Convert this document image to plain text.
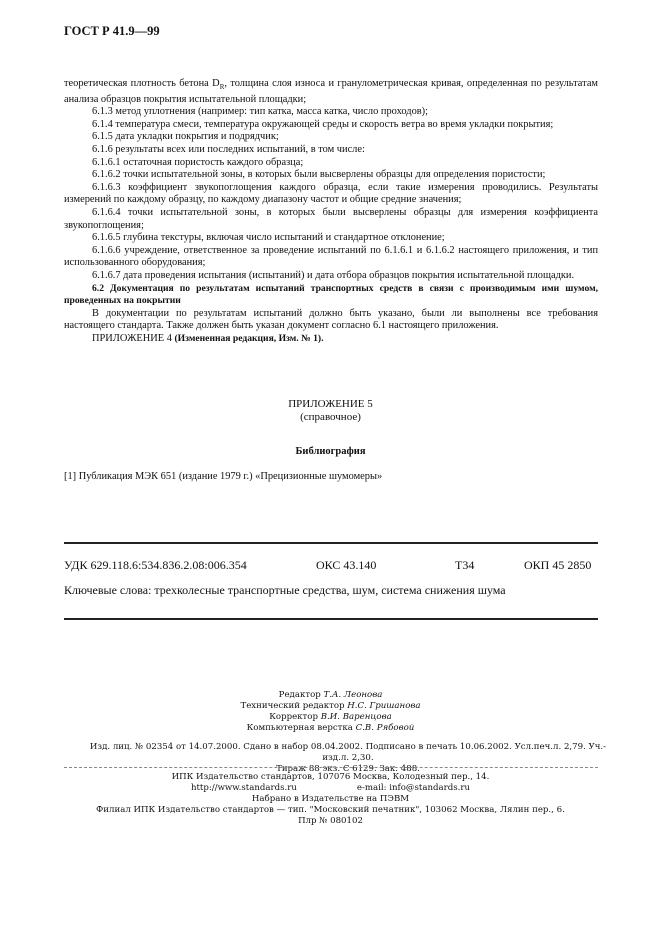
ГОСТ Р 41.9—99

теоретическая плотность бетона $D_R$, толщина слоя износа и гранулометрическая кривая, определенная по результатам анализа образцов покрытия испытательной площадки;

6.1.3 метод уплотнения (например: тип катка, масса катка, число проходов);

6.1.4 температура смеси, температура окружающей среды и скорость ветра во время укладки покрытия;

6.1.5 дата укладки покрытия и подрядчик;

6.1.6 результаты всех или последних испытаний, в том числе:

6.1.6.1 остаточная пористость каждого образца;

6.1.6.2 точки испытательной зоны, в которых были высверлены образцы для определения пористости;

6.1.6.3 коэффициент звукопоглощения каждого образца, если такие измерения проводились. Результаты измерений по каждому образцу, по каждому диапазону частот и общие средние значения;

6.1.6.4 точки испытательной зоны, в которых были высверлены образцы для измерения коэффициента звукопоглощения;

6.1.6.5 глубина текстуры, включая число испытаний и стандартное отклонение;

6.1.6.6 учреждение, ответственное за проведение испытаний по 6.1.6.1 и 6.1.6.2 настоящего приложения, и тип использованного оборудования;

6.1.6.7 дата проведения испытания (испытаний) и дата отбора образцов покрытия испытательной площадки.

6.2 Документация по результатам испытаний транспортных средств в связи с производимым ими шумом, проведенных на покрытии

В документации по результатам испытаний должно быть указано, были ли выполнены все требования настоящего стандарта. Также должен быть указан документ согласно 6.1 настоящего приложения.

ПРИЛОЖЕНИЕ 4 (Измененная редакция, Изм. № 1).

ПРИЛОЖЕНИЕ 5
(справочное)
Библиография
[1] Публикация МЭК 651 (издание 1979 г.) «Прецизионные шумомеры»
УДК 629.118.6:534.836.2.08:006.354	ОКС 43.140	Т34	ОКП 45 2850
Ключевые слова: трехколесные транспортные средства, шум, система снижения шума
Редактор Т.А. Леонова
Технический редактор Н.С. Гришанова
Корректор В.И. Варенцова
Компьютерная верстка С.В. Рябовой
Изд. лиц. № 02354 от 14.07.2000. Сдано в набор 08.04.2002. Подписано в печать 10.06.2002. Усл.печ.л. 2,79. Уч.-изд.л. 2,30.
Тираж 88 экз. С 6129. Зак. 488.
ИПК Издательство стандартов, 107076 Москва, Колодезный пер., 14.
http://www.standards.ru	e-mail: info@standards.ru
Набрано в Издательстве на ПЭВМ
Филиал ИПК Издательство стандартов — тип. "Московский печатник", 103062 Москва, Лялин пер., 6.
Плр № 080102
